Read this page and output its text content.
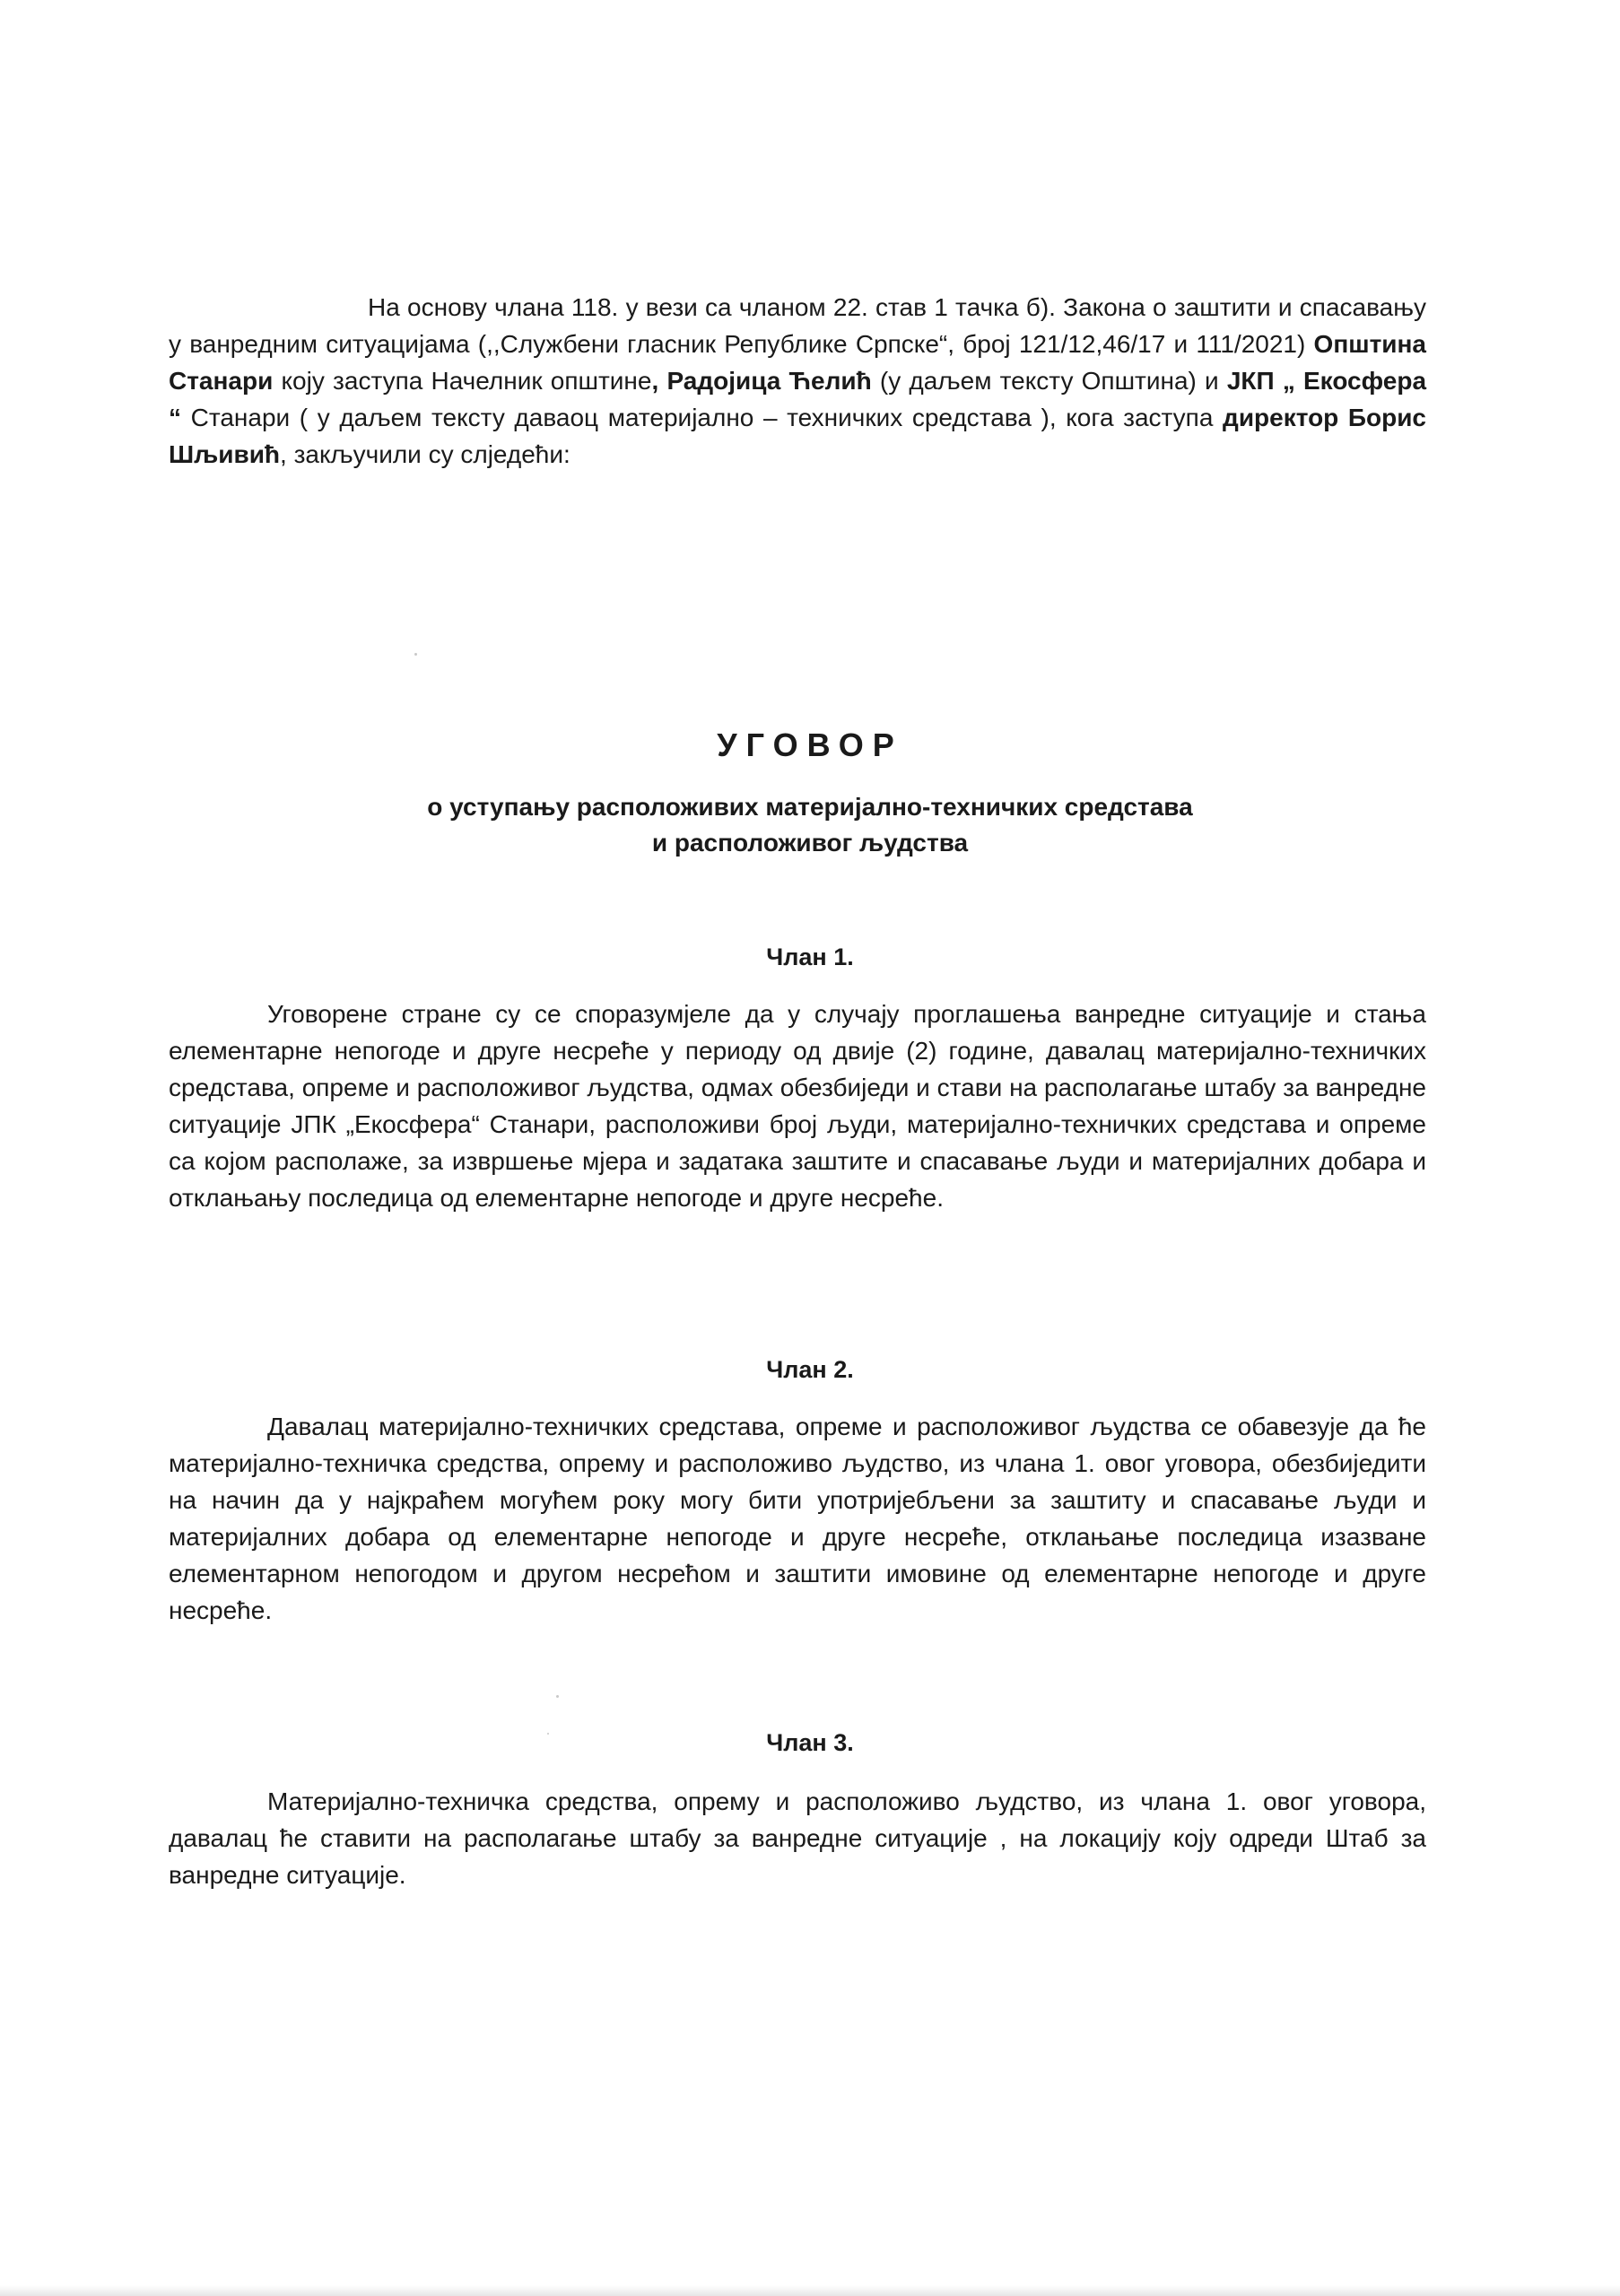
На основу члана 118. у вези са чланом 22. став 1 тачка б). Закона о заштити и спасавању у ванредним ситуацијама (,,Службени гласник Републике Српске“, број 121/12,46/17 и 111/2021) Општина Станари коју заступа Начелник општине, Радојица Ћелић (у даљем тексту Општина) и ЈКП „ Екосфера “ Станари ( у даљем тексту даваоц материјално – техничких средстава ), кога заступа директор Борис Шљивић, закључили су слједећи:

УГОВОР
о уступању расположивих материјално-техничких средстава
и расположивог људства
Члан 1.

Уговорене стране су се споразумјеле да у случају проглашења ванредне ситуације и стања елементарне непогоде и друге несреће у периоду од двије (2) године, давалац материјално-техничких средстава, опреме и расположивог људства, одмах обезбиједи и стави на располагање штабу за ванредне ситуације ЈПК „Екосфера“ Станари, расположиви број људи, материјално-техничких средстава и опреме са којом располаже, за извршење мјера и задатака заштите и спасавање људи и материјалних добара и отклањању последица од елементарне непогоде и друге несреће.

Члан 2.

Давалац материјално-техничких средстава, опреме и расположивог људства се обавезује да ће материјално-техничка средства, опрему и расположиво људство, из члана 1. овог уговора, обезбиједити на начин да у најкраћем могућем року могу бити употријебљени за заштиту и спасавање људи и материјалних добара од елементарне непогоде и друге несреће, отклањање последица изазване елементарном непогодом и другом несрећом и заштити имовине од елементарне непогоде и друге несреће.

Члан 3.

Материјално-техничка средства, опрему и расположиво људство, из члана 1. овог уговора, давалац ће ставити на располагање штабу за ванредне ситуације , на локацију коју одреди Штаб за ванредне ситуације.
